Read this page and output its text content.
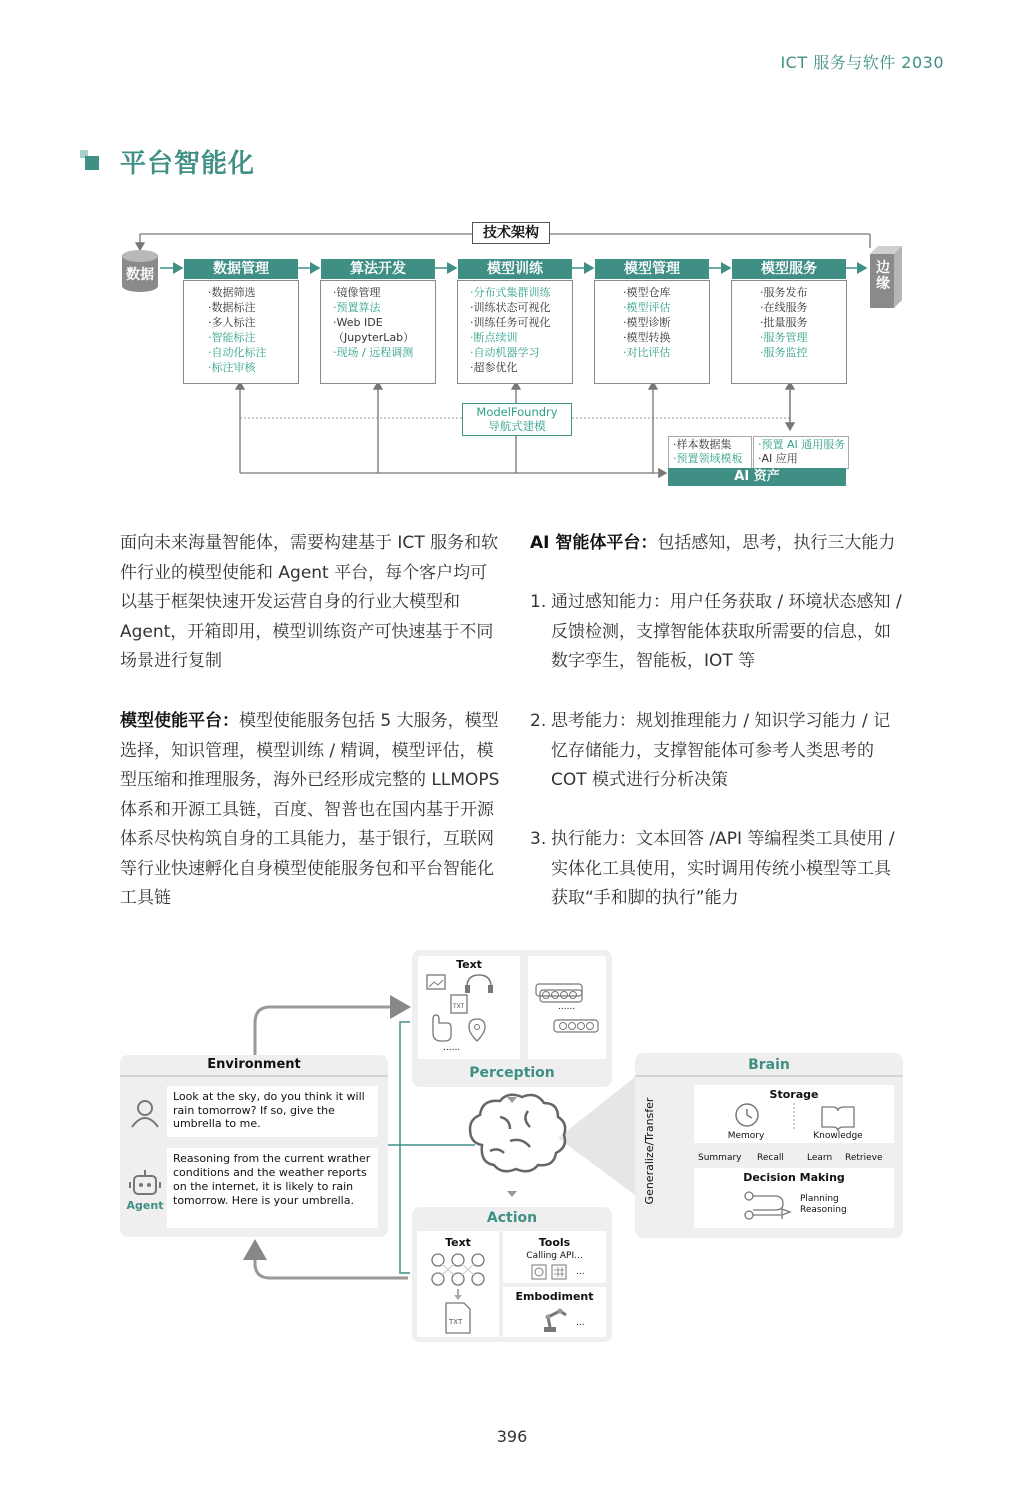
ICT 服务与软件 2030
平台智能化
技术架构
数据	边缘
数据管理
·数据筛选
·数据标注
·多人标注
·智能标注
·自动化标注
·标注审核
算法开发
·镜像管理
·预置算法
·Web IDE
（JupyterLab）
·现场 / 远程调测
模型训练
·分布式集群训练
·训练状态可视化
·训练任务可视化
·断点续训
·自动机器学习
·超参优化
模型管理
·模型仓库
·模型评估
·模型诊断
·模型转换
·对比评估
模型服务
·服务发布
·在线服务
·批量服务
·服务管理
·服务监控
ModelFoundry
导航式建模
·样本数据集
·预置领域模板
·预置 AI 通用服务
·AI 应用
AI 资产
面向未来海量智能体，需要构建基于 ICT 服务和软件行业的模型使能和 Agent 平台，每个客户均可以基于框架快速开发运营自身的行业大模型和 Agent，开箱即用，模型训练资产可快速基于不同场景进行复制
模型使能平台：模型使能服务包括 5 大服务，模型选择，知识管理，模型训练 / 精调，模型评估，模型压缩和推理服务，海外已经形成完整的 LLMOPS 体系和开源工具链，百度、智普也在国内基于开源体系尽快构筑自身的工具能力，基于银行，互联网等行业快速孵化自身模型使能服务包和平台智能化工具链
AI 智能体平台：包括感知，思考，执行三大能力
1. 通过感知能力：用户任务获取 / 环境状态感知 / 反馈检测，支撑智能体获取所需要的信息，如数字孪生，智能板，IOT 等
2. 思考能力：规划推理能力 / 知识学习能力 / 记忆存储能力，支撑智能体可参考人类思考的 COT 模式进行分析决策
3. 执行能力：文本回答 /API 等编程类工具使用 / 实体化工具使用，实时调用传统小模型等工具获取“手和脚的执行”能力
Environment
Look at the sky, do you think it will rain tomorrow? If so, give the umbrella to me.
Agent
Reasoning from the current wrather conditions and the weather reports on the internet, it is likely to rain tomorrow. Here is your umbrella.
Text
TXT
......
......
Perception
Action
Text
TXT
Tools
Calling API...
...
Embodiment
...
Brain
Generalize/Transfer
Storage
Memory	Knowledge
Summary Recall	Learn Retrieve
Decision Making
Planning
Reasoning
396
